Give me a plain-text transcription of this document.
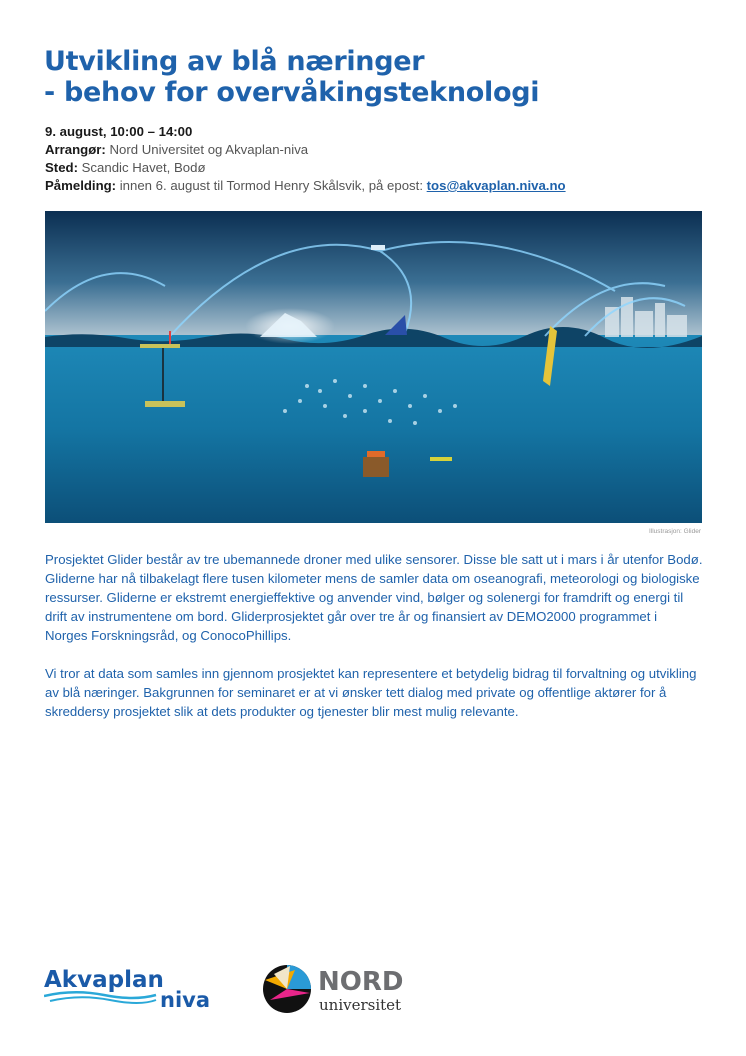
Utvikling av blå næringer
- behov for overvåkingsteknologi
9. august, 10:00 – 14:00
Arrangør: Nord Universitet og Akvaplan-niva
Sted: Scandic Havet, Bodø
Påmelding: innen 6. august til Tormod Henry Skålsvik, på epost: tos@akvaplan.niva.no
Illustrasjon: Glider

Prosjektet Glider består av tre ubemannede droner med ulike sensorer. Disse ble satt ut i mars i år utenfor Bodø. Gliderne har nå tilbakelagt flere tusen kilometer mens de samler data om oseanografi, meteorologi og biologiske ressurser. Gliderne er ekstremt energieffektive og anvender vind, bølger og solenergi for framdrift og energi til drift av instrumentene om bord. Gliderprosjektet går over tre år og finansiert av DEMO2000 programmet i Norges Forskningsråd, og ConocoPhillips.

Vi tror at data som samles inn gjennom prosjektet kan representere et betydelig bidrag til forvaltning og utvikling av blå næringer. Bakgrunnen for seminaret er at vi ønsker tett dialog med private og offentlige aktører for å skreddersy prosjektet slik at dets produkter og tjenester blir mest mulig relevante.

Akvaplan
niva
NORD
universitet
